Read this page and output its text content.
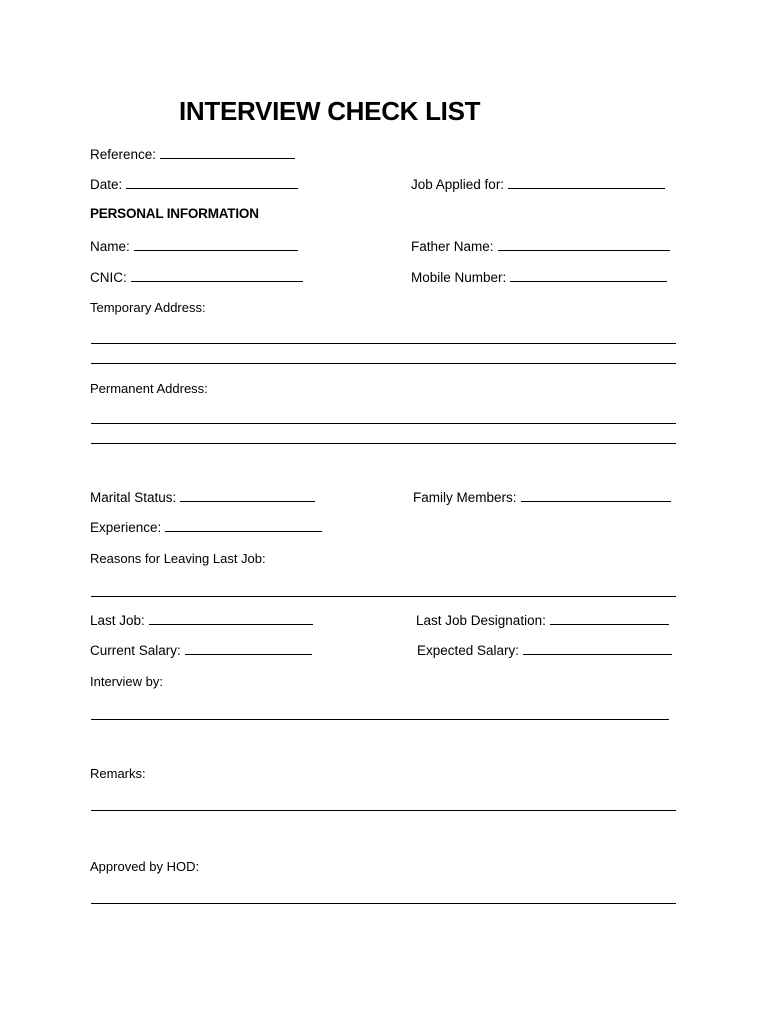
INTERVIEW CHECK LIST
Reference:
Date:	Job Applied for:
PERSONAL INFORMATION
Name:	Father Name:
CNIC:	Mobile Number:
Temporary Address:
Permanent Address:
Marital Status:	Family Members:
Experience:
Reasons for Leaving Last Job:
Last Job:	Last Job Designation:
Current Salary:	Expected Salary:
Interview by:
Remarks:
Approved by HOD:
